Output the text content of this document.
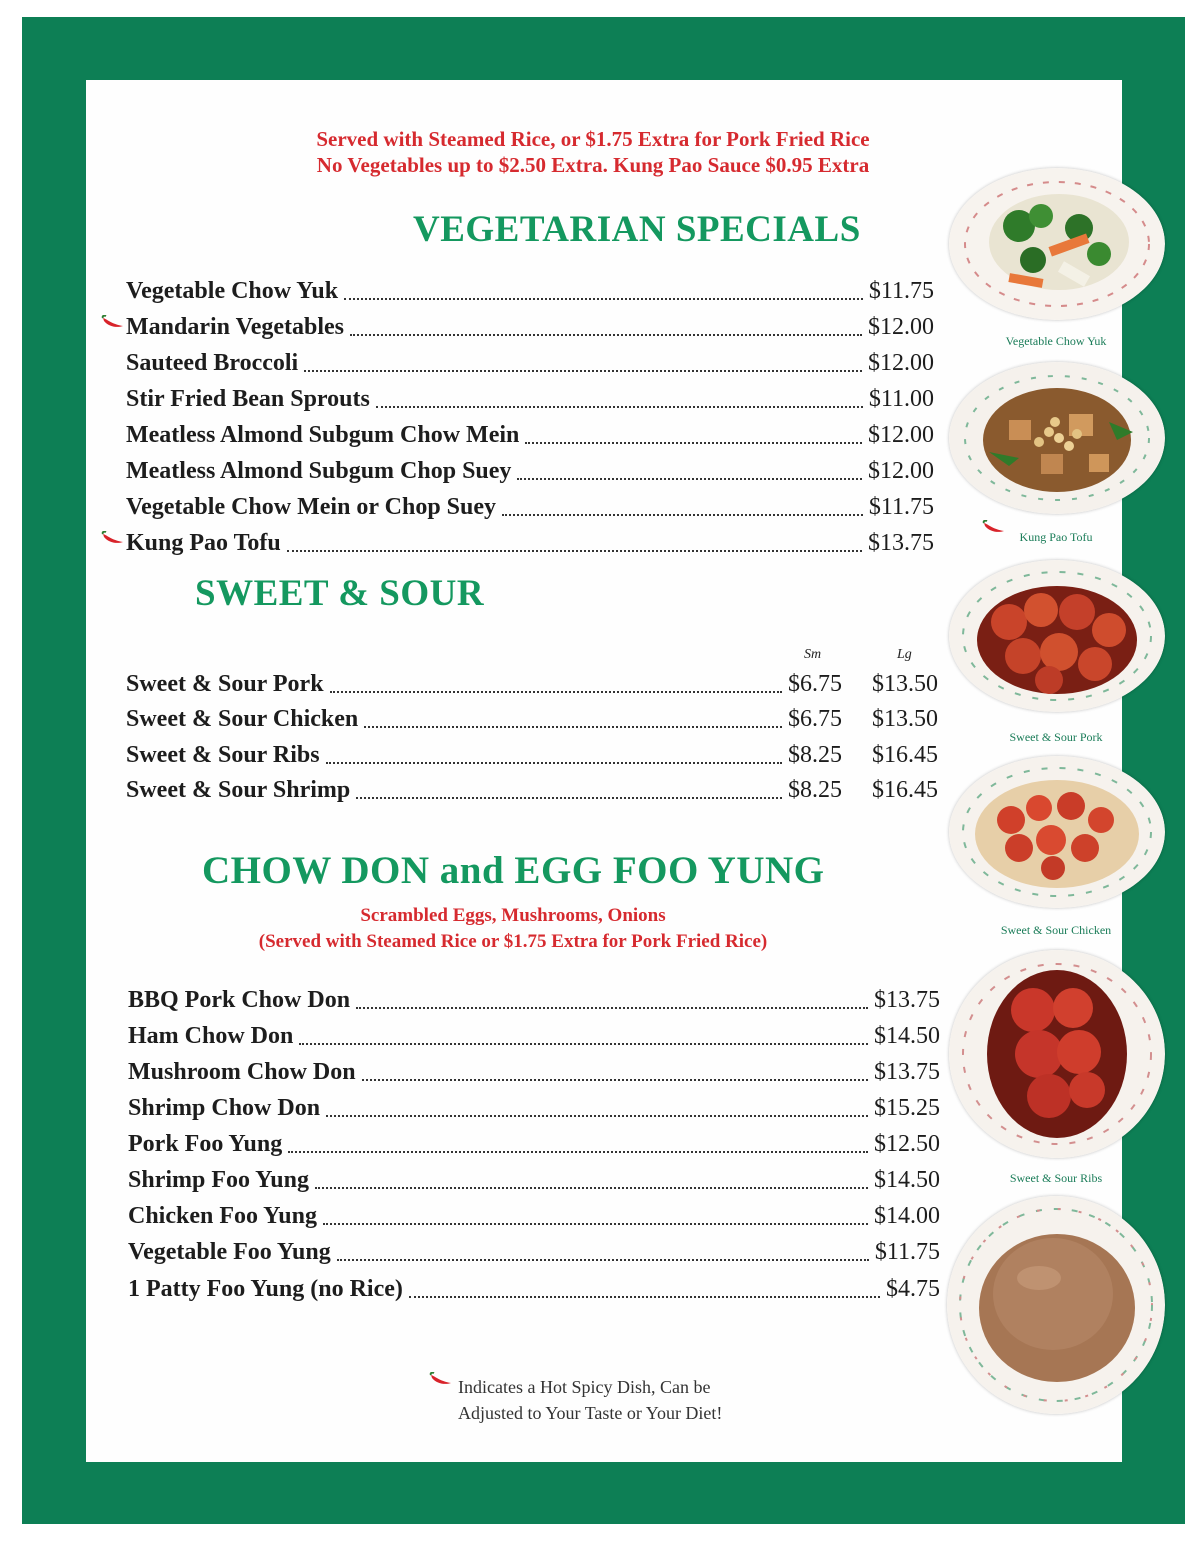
Served with Steamed Rice, or $1.75 Extra for Pork Fried Rice
No Vegetables up to $2.50 Extra. Kung Pao Sauce $0.95 Extra
VEGETARIAN SPECIALS
Vegetable Chow Yuk	$11.75
Mandarin Vegetables	$12.00
Sauteed Broccoli	$12.00
Stir Fried Bean Sprouts	$11.00
Meatless Almond Subgum Chow Mein	$12.00
Meatless Almond Subgum Chop Suey	$12.00
Vegetable Chow Mein or Chop Suey	$11.75
Kung Pao Tofu	$13.75
SWEET & SOUR
Sm	Lg
Sweet & Sour Pork	$6.75	$13.50
Sweet & Sour Chicken	$6.75	$13.50
Sweet & Sour Ribs	$8.25	$16.45
Sweet & Sour Shrimp	$8.25	$16.45
CHOW DON and EGG FOO YUNG
Scrambled Eggs, Mushrooms, Onions
(Served with Steamed Rice or $1.75 Extra for Pork Fried Rice)
BBQ Pork Chow Don	$13.75
Ham Chow Don	$14.50
Mushroom Chow Don	$13.75
Shrimp Chow Don	$15.25
Pork Foo Yung	$12.50
Shrimp Foo Yung	$14.50
Chicken Foo Yung	$14.00
Vegetable Foo Yung	$11.75
1 Patty Foo Yung (no Rice)	$4.75
Vegetable Chow Yuk
Kung Pao Tofu
Sweet & Sour Pork
Sweet & Sour Chicken
Sweet & Sour Ribs
Indicates a Hot Spicy Dish, Can be
Adjusted to Your Taste or Your Diet!
